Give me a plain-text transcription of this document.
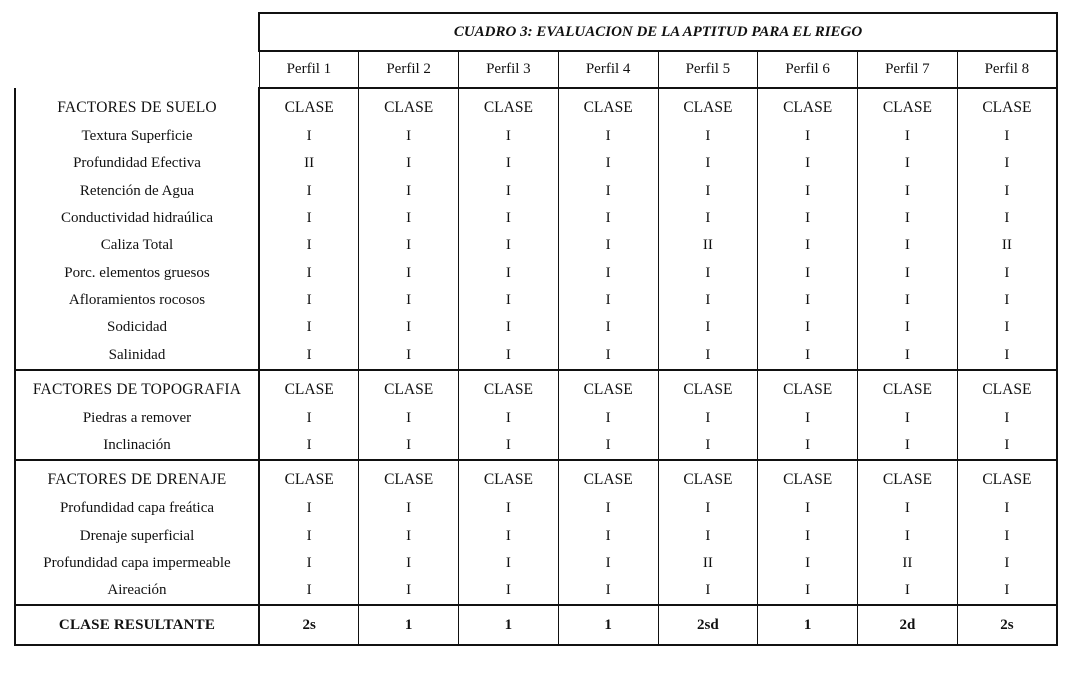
	CUADRO 3: EVALUACION DE LA APTITUD PARA EL RIEGO							
	Perfil 1	Perfil 2	Perfil 3	Perfil 4	Perfil 5	Perfil 6	Perfil 7	Perfil 8
FACTORES DE SUELO	CLASE	CLASE	CLASE	CLASE	CLASE	CLASE	CLASE	CLASE
Textura Superficie	I	I	I	I	I	I	I	I
Profundidad Efectiva	II	I	I	I	I	I	I	I
Retención de Agua	I	I	I	I	I	I	I	I
Conductividad hidraúlica	I	I	I	I	I	I	I	I
Caliza Total	I	I	I	I	II	I	I	II
Porc. elementos gruesos	I	I	I	I	I	I	I	I
Afloramientos rocosos	I	I	I	I	I	I	I	I
Sodicidad	I	I	I	I	I	I	I	I
Salinidad	I	I	I	I	I	I	I	I
FACTORES DE TOPOGRAFIA	CLASE	CLASE	CLASE	CLASE	CLASE	CLASE	CLASE	CLASE
Piedras a remover	I	I	I	I	I	I	I	I
Inclinación	I	I	I	I	I	I	I	I
FACTORES DE DRENAJE	CLASE	CLASE	CLASE	CLASE	CLASE	CLASE	CLASE	CLASE
Profundidad capa freática	I	I	I	I	I	I	I	I
Drenaje superficial	I	I	I	I	I	I	I	I
Profundidad capa impermeable	I	I	I	I	II	I	II	I
Aireación	I	I	I	I	I	I	I	I
CLASE RESULTANTE	2s	1	1	1	2sd	1	2d	2s
